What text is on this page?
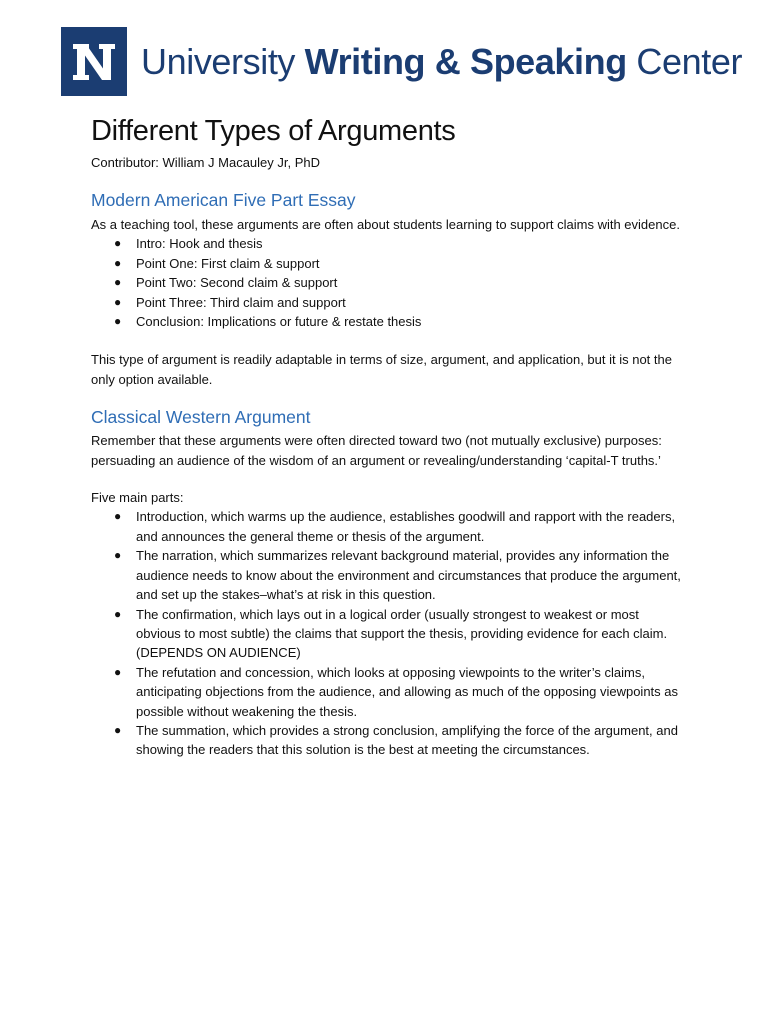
University Writing & Speaking Center
Different Types of Arguments
Contributor: William J Macauley Jr, PhD
Modern American Five Part Essay

As a teaching tool, these arguments are often about students learning to support claims with evidence.

● Intro: Hook and thesis
● Point One: First claim & support
● Point Two: Second claim & support
● Point Three: Third claim and support
● Conclusion: Implications or future & restate thesis

This type of argument is readily adaptable in terms of size, argument, and application, but it is not the only option available.

Classical Western Argument

Remember that these arguments were often directed toward two (not mutually exclusive) purposes: persuading an audience of the wisdom of an argument or revealing/understanding ‘capital-T truths.’

Five main parts:

● Introduction, which warms up the audience, establishes goodwill and rapport with the readers, and announces the general theme or thesis of the argument.
● The narration, which summarizes relevant background material, provides any information the audience needs to know about the environment and circumstances that produce the argument, and set up the stakes–what’s at risk in this question.
● The confirmation, which lays out in a logical order (usually strongest to weakest or most obvious to most subtle) the claims that support the thesis, providing evidence for each claim. (DEPENDS ON AUDIENCE)
● The refutation and concession, which looks at opposing viewpoints to the writer’s claims, anticipating objections from the audience, and allowing as much of the opposing viewpoints as possible without weakening the thesis.
● The summation, which provides a strong conclusion, amplifying the force of the argument, and showing the readers that this solution is the best at meeting the circumstances.
